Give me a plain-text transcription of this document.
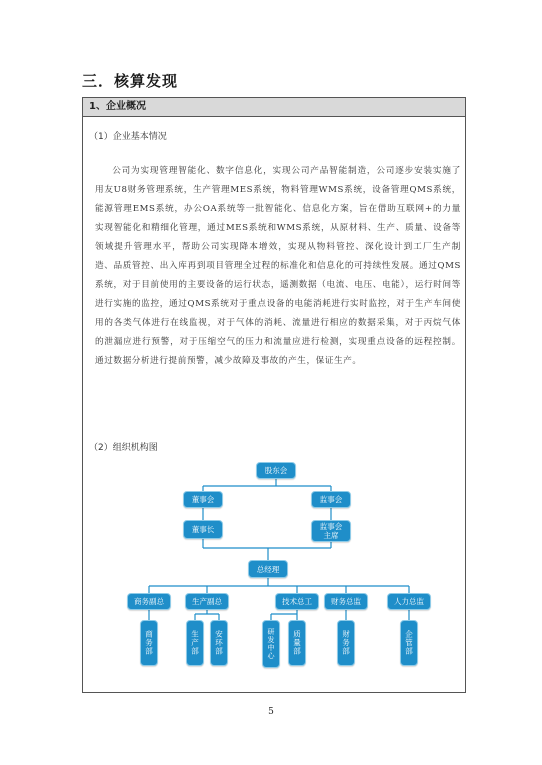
三．核算发现
1、企业概况
（1）企业基本情况
公司为实现管理智能化、数字信息化，实现公司产品智能制造，公司逐步安装实施了用友U8财务管理系统，生产管理MES系统，物料管理WMS系统，设备管理QMS系统，能源管理EMS系统，办公OA系统等一批智能化、信息化方案，旨在借助互联网+的力量实现智能化和精细化管理，通过MES系统和WMS系统，从原材料、生产、质量、设备等领域提升管理水平，帮助公司实现降本增效，实现从物料管控、深化设计到工厂生产制造、品质管控、出入库再到项目管理全过程的标准化和信息化的可持续性发展。通过QMS系统，对于目前使用的主要设备的运行状态，遥测数据（电流、电压、电能），运行时间等进行实施的监控，通过QMS系统对于重点设备的电能消耗进行实时监控，对于生产车间使用的各类气体进行在线监视，对于气体的消耗、流量进行相应的数据采集，对于丙烷气体的泄漏应进行预警，对于压缩空气的压力和流量应进行检测，实现重点设备的远程控制。通过数据分析进行提前预警，减少故障及事故的产生，保证生产。
（2）组织机构图
股东会
董事会	监事会
董事长	监事会主席
总经理
商务副总	生产副总	技术总工	财务总监	人力总监
商务部	生产部	安环部	研发中心	质量部	财务部	企管部
5
